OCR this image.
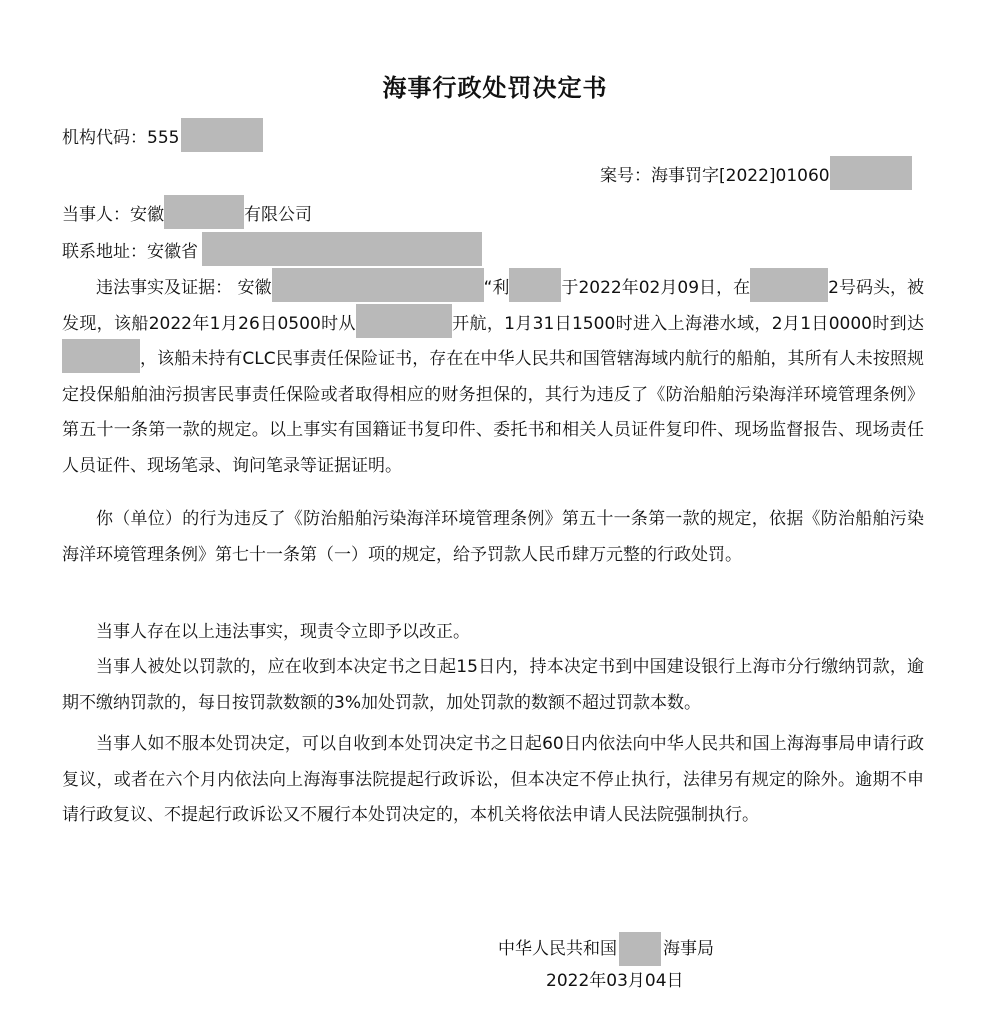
海事行政处罚决定书
机构代码：555
案号：海事罚字[2022]01060
当事人：安徽	有限公司
联系地址：安徽省

违法事实及证据： 安徽	“利	于2022年02月09日，在	2号码头，被发现，该船2022年1月26日0500时从	开航，1月31日1500时进入上海港水域，2月1日0000时到达，该船未持有CLC民事责任保险证书，存在在中华人民共和国管辖海域内航行的船舶，其所有人未按照规定投保船舶油污损害民事责任保险或者取得相应的财务担保的，其行为违反了《防治船舶污染海洋环境管理条例》第五十一条第一款的规定。以上事实有国籍证书复印件、委托书和相关人员证件复印件、现场监督报告、现场责任人员证件、现场笔录、询问笔录等证据证明。

你（单位）的行为违反了《防治船舶污染海洋环境管理条例》第五十一条第一款的规定，依据《防治船舶污染海洋环境管理条例》第七十一条第（一）项的规定，给予罚款人民币肆万元整的行政处罚。

当事人存在以上违法事实，现责令立即予以改正。

当事人被处以罚款的，应在收到本决定书之日起15日内，持本决定书到中国建设银行上海市分行缴纳罚款，逾期不缴纳罚款的，每日按罚款数额的3%加处罚款，加处罚款的数额不超过罚款本数。

当事人如不服本处罚决定，可以自收到本处罚决定书之日起60日内依法向中华人民共和国上海海事局申请行政复议，或者在六个月内依法向上海海事法院提起行政诉讼，但本决定不停止执行，法律另有规定的除外。逾期不申请行政复议、不提起行政诉讼又不履行本处罚决定的，本机关将依法申请人民法院强制执行。

中华人民共和国	海事局
2022年03月04日
